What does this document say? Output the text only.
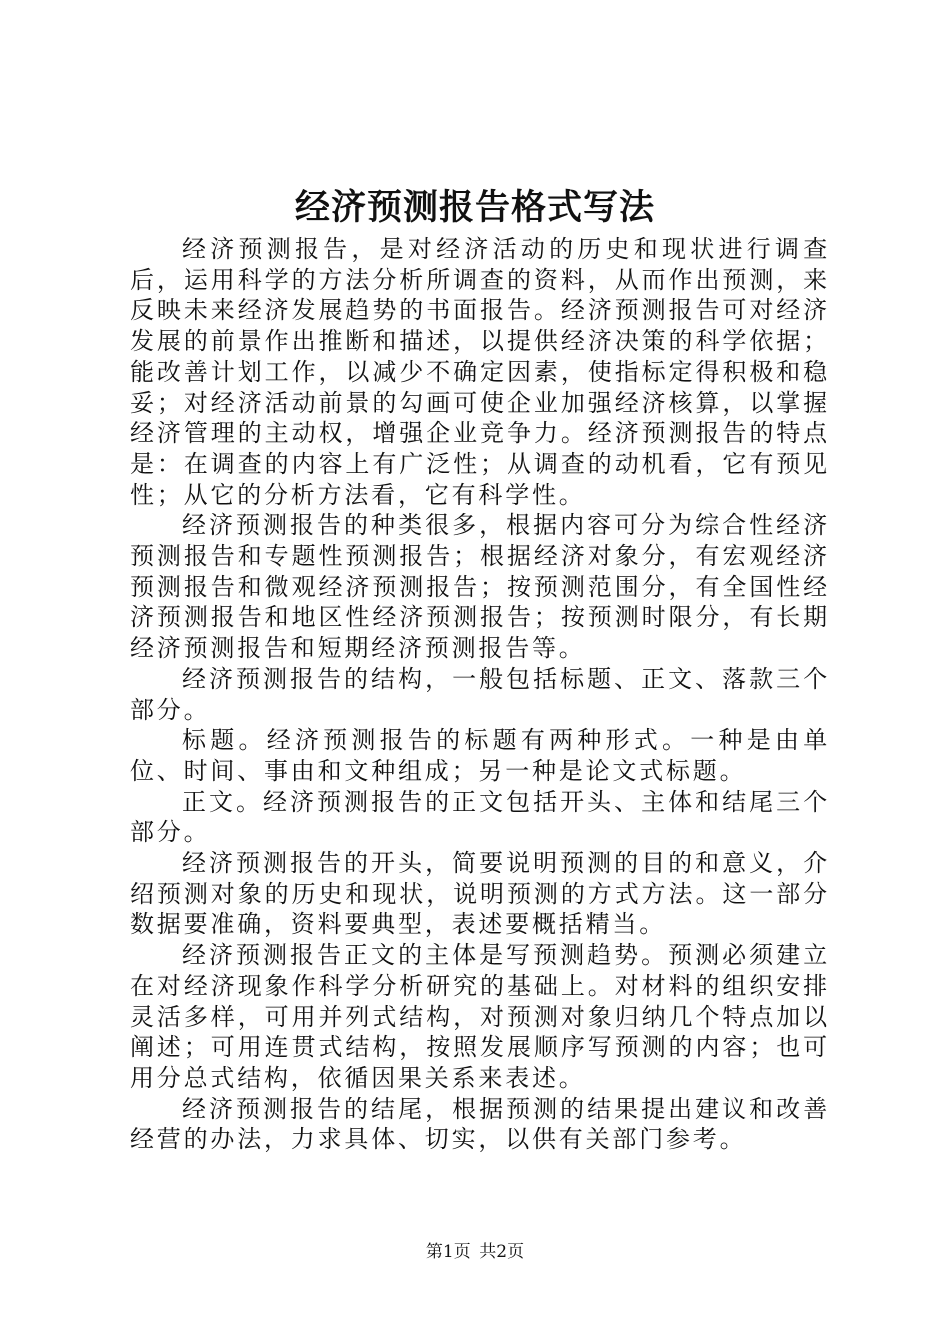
经济预测报告格式写法

经济预测报告，是对经济活动的历史和现状进行调查后，运用科学的方法分析所调查的资料，从而作出预测，来反映未来经济发展趋势的书面报告。经济预测报告可对经济发展的前景作出推断和描述，以提供经济决策的科学依据；能改善计划工作，以减少不确定因素，使指标定得积极和稳妥；对经济活动前景的勾画可使企业加强经济核算，以掌握经济管理的主动权，增强企业竞争力。经济预测报告的特点是：在调查的内容上有广泛性；从调查的动机看，它有预见性；从它的分析方法看，它有科学性。

经济预测报告的种类很多，根据内容可分为综合性经济预测报告和专题性预测报告；根据经济对象分，有宏观经济预测报告和微观经济预测报告；按预测范围分，有全国性经济预测报告和地区性经济预测报告；按预测时限分，有长期经济预测报告和短期经济预测报告等。

经济预测报告的结构，一般包括标题、正文、落款三个部分。

标题。经济预测报告的标题有两种形式。一种是由单位、时间、事由和文种组成；另一种是论文式标题。

正文。经济预测报告的正文包括开头、主体和结尾三个部分。

经济预测报告的开头，简要说明预测的目的和意义，介绍预测对象的历史和现状，说明预测的方式方法。这一部分数据要准确，资料要典型，表述要概括精当。

经济预测报告正文的主体是写预测趋势。预测必须建立在对经济现象作科学分析研究的基础上。对材料的组织安排灵活多样，可用并列式结构，对预测对象归纳几个特点加以阐述；可用连贯式结构，按照发展顺序写预测的内容；也可用分总式结构，依循因果关系来表述。

经济预测报告的结尾，根据预测的结果提出建议和改善经营的办法，力求具体、切实，以供有关部门参考。

第1页  共2页
